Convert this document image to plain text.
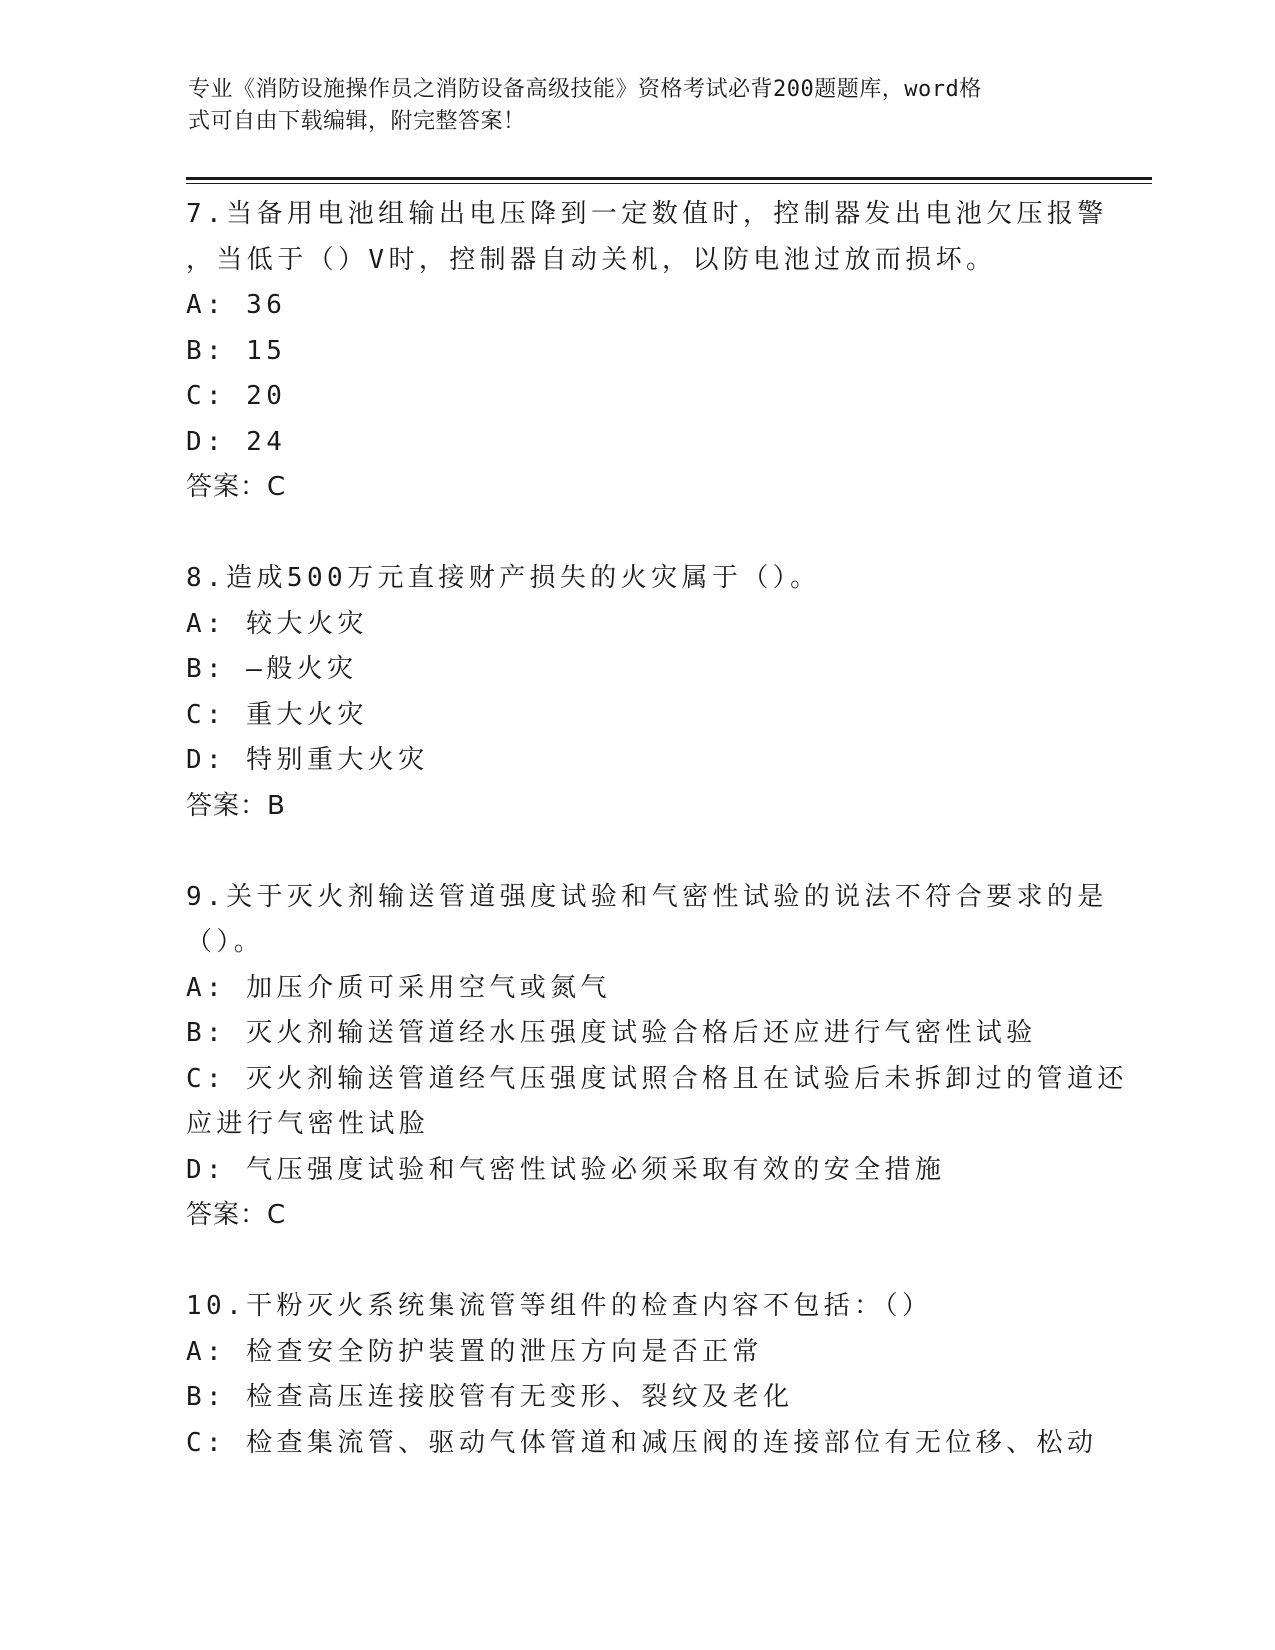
专业《消防设施操作员之消防设备高级技能》资格考试必背200题题库，word格
式可自由下载编辑，附完整答案！
7.当备用电池组输出电压降到一定数值时，控制器发出电池欠压报警
，当低于（）V时，控制器自动关机，以防电池过放而损坏。
A: 36
B: 15
C: 20
D: 24
答案：C
8.造成500万元直接财产损失的火灾属于（）。
A: 较大火灾
B: —般火灾
C: 重大火灾
D: 特别重大火灾
答案：B
9.关于灭火剂输送管道强度试验和气密性试验的说法不符合要求的是
（）。
A: 加压介质可采用空气或氮气
B: 灭火剂输送管道经水压强度试验合格后还应进行气密性试验
C: 灭火剂输送管道经气压强度试照合格且在试验后未拆卸过的管道还
应进行气密性试脸
D: 气压强度试验和气密性试验必须采取有效的安全措施
答案：C
10.干粉灭火系统集流管等组件的检查内容不包括：（）
A: 检查安全防护装置的泄压方向是否正常
B: 检查高压连接胶管有无变形、裂纹及老化
C: 检查集流管、驱动气体管道和减压阀的连接部位有无位移、松动
